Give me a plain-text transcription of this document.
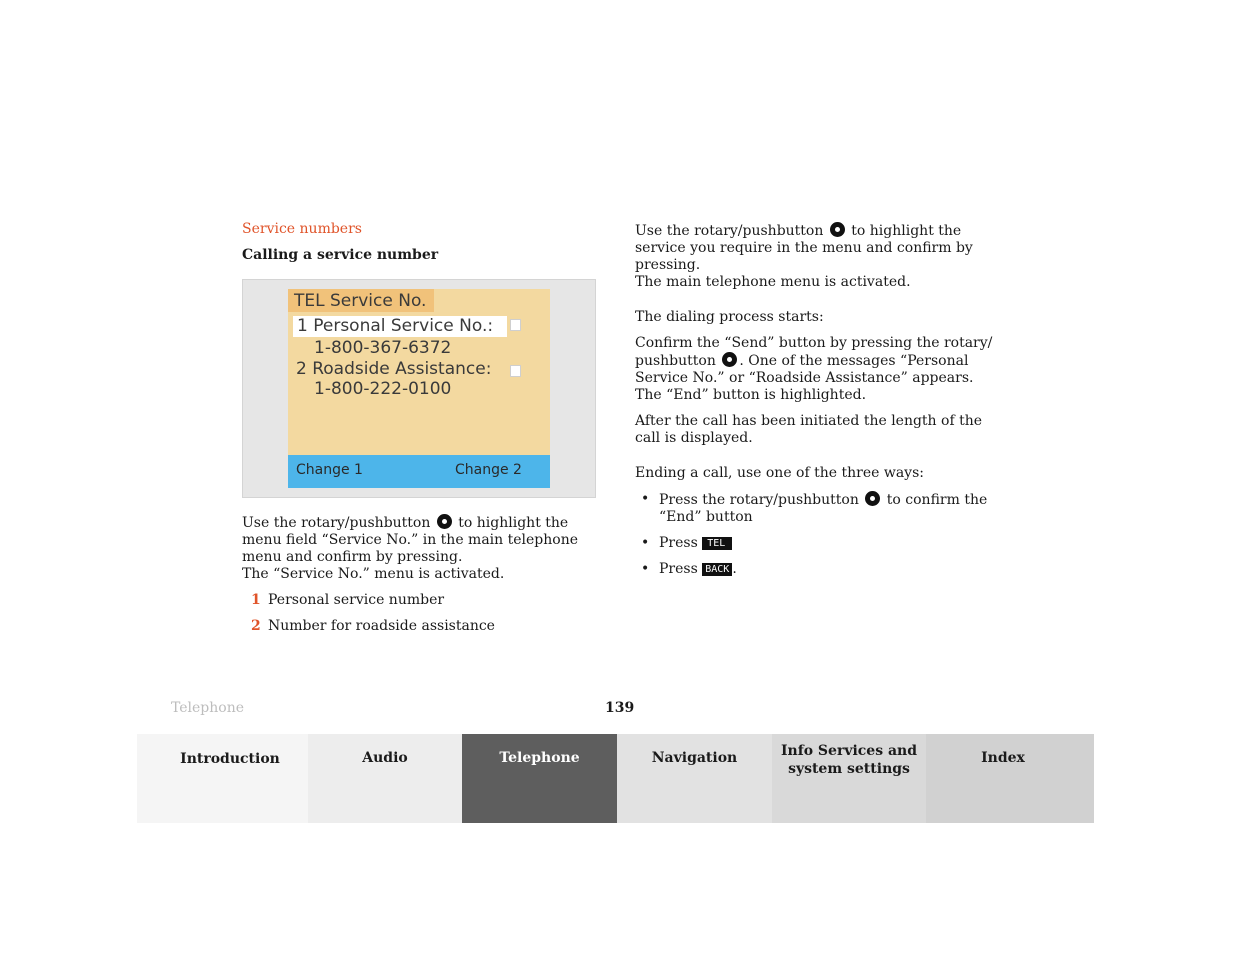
Service numbers
Calling a service number
TEL Service No.
1 Personal Service No.:
1-800-367-6372
2 Roadside Assistance:
1-800-222-0100
Change 1	Change 2

Use the rotary/pushbutton to highlight the menu field “Service No.” in the main telephone menu and confirm by pressing.
The “Service No.” menu is activated.

1 Personal service number
2 Number for roadside assistance

Use the rotary/pushbutton to highlight the service you require in the menu and confirm by pressing.
The main telephone menu is activated.

The dialing process starts:

Confirm the “Send” button by pressing the rotary/ pushbutton . One of the messages “Personal Service No.” or “Roadside Assistance” appears. The “End” button is highlighted.

After the call has been initiated the length of the call is displayed.

Ending a call, use one of the three ways:

• Press the rotary/pushbutton to confirm the “End” button
• Press TEL
• Press BACK .
Telephone	139
Introduction	Audio	Telephone	Navigation	Info Services and system settings
Index
